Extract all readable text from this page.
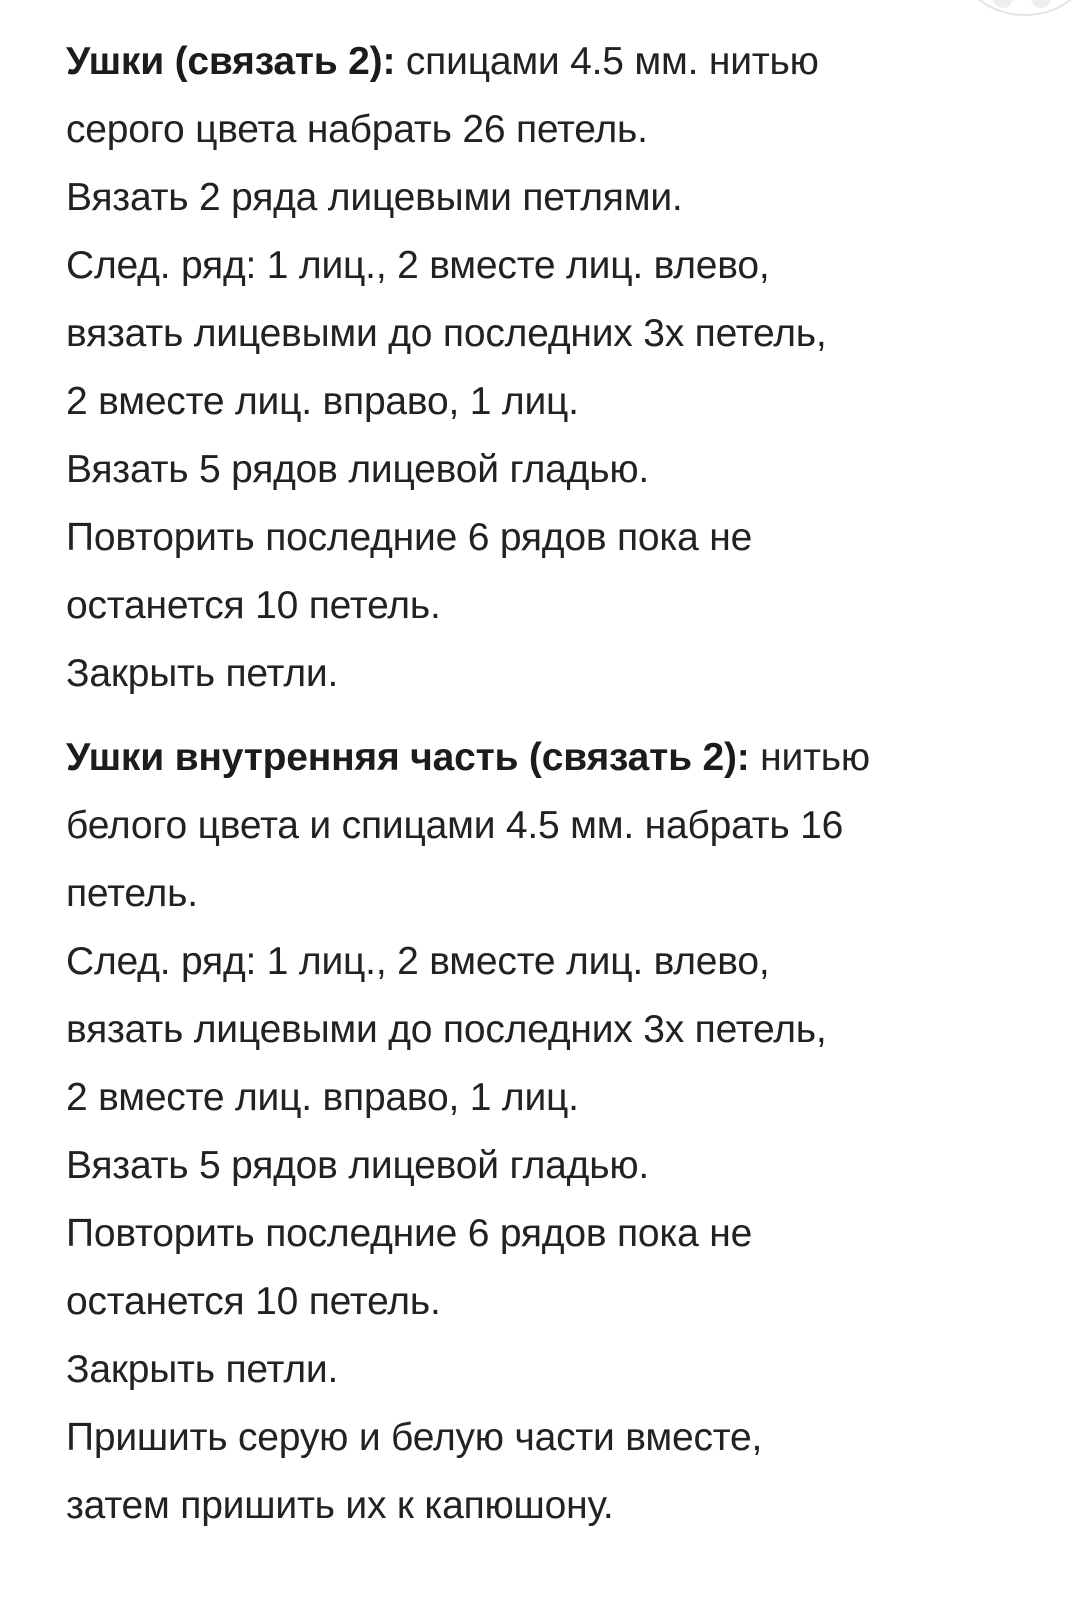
Ушки (связать 2): спицами 4.5 мм. нитью
серого цвета набрать 26 петель.
Вязать 2 ряда лицевыми петлями.
След. ряд: 1 лиц., 2 вместе лиц. влево,
вязать лицевыми до последних 3х петель,
2 вместе лиц. вправо, 1 лиц.
Вязать 5 рядов лицевой гладью.
Повторить последние 6 рядов пока не
останется 10 петель.
Закрыть петли.
Ушки внутренняя часть (связать 2): нитью
белого цвета и спицами 4.5 мм. набрать 16
петель.
След. ряд: 1 лиц., 2 вместе лиц. влево,
вязать лицевыми до последних 3х петель,
2 вместе лиц. вправо, 1 лиц.
Вязать 5 рядов лицевой гладью.
Повторить последние 6 рядов пока не
останется 10 петель.
Закрыть петли.
Пришить серую и белую части вместе,
затем пришить их к капюшону.
